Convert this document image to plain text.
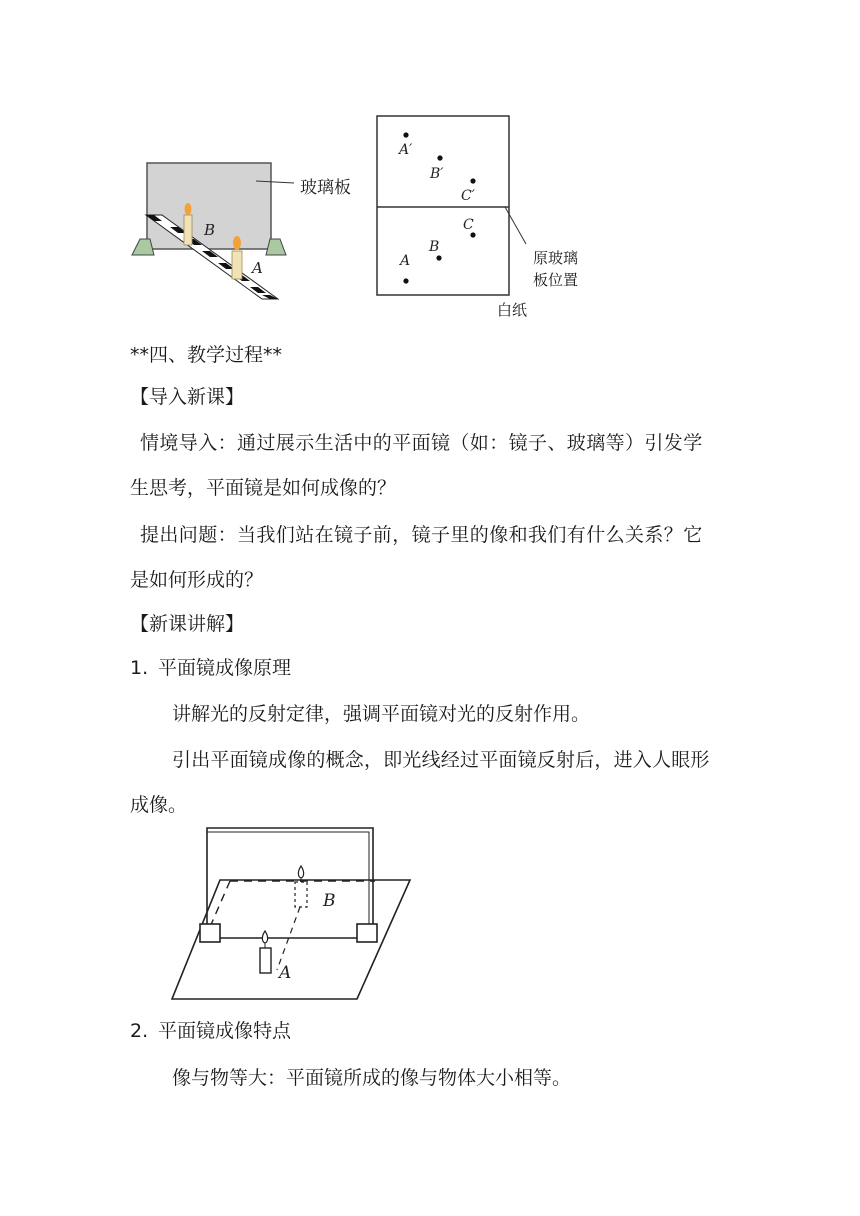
B
A
玻璃板
A′
B′
C′
C
B
A	原玻璃
板位置
白纸
**四、教学过程**
【导入新课】
情境导入：通过展示生活中的平面镜（如：镜子、玻璃等）引发学
生思考，平面镜是如何成像的？
提出问题：当我们站在镜子前，镜子里的像和我们有什么关系？它
是如何形成的？
【新课讲解】
1. 平面镜成像原理
讲解光的反射定律，强调平面镜对光的反射作用。
引出平面镜成像的概念，即光线经过平面镜反射后，进入人眼形
成像。
B
A
2. 平面镜成像特点
像与物等大：平面镜所成的像与物体大小相等。
